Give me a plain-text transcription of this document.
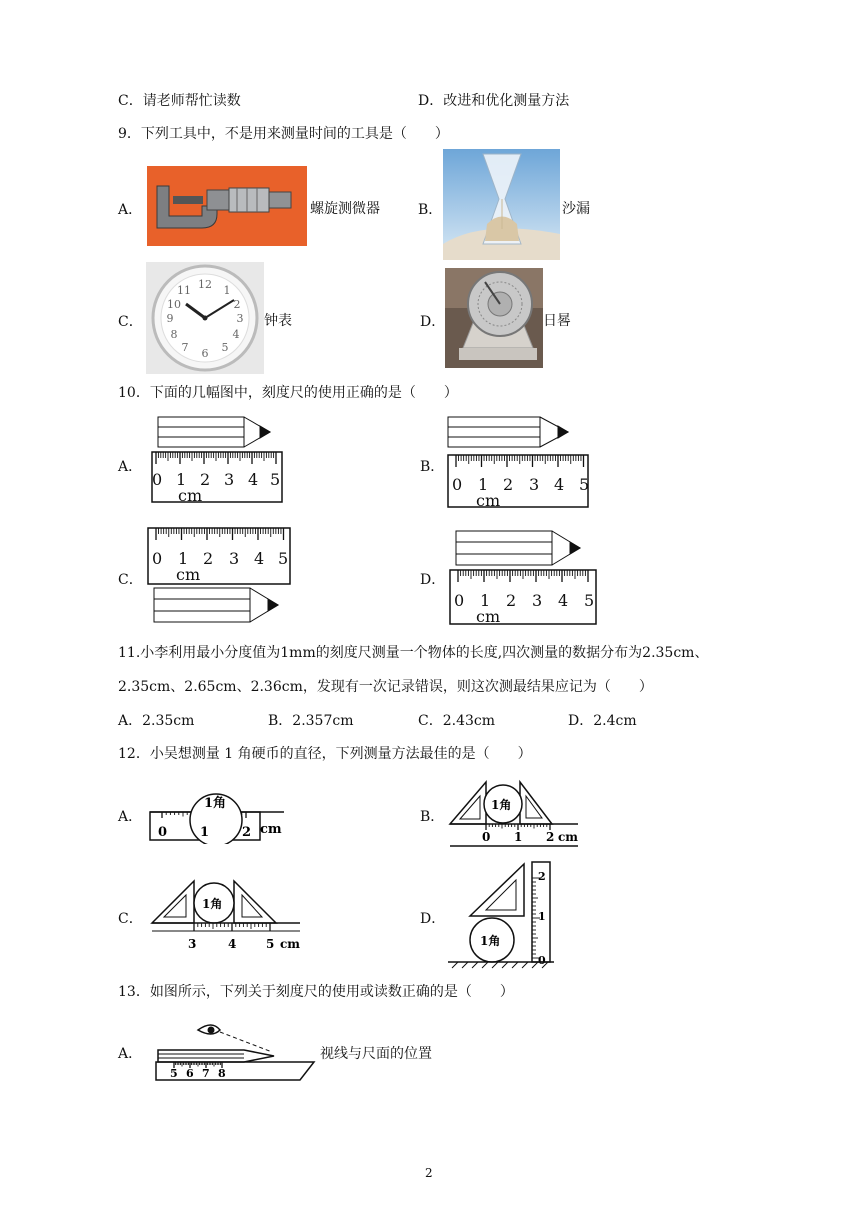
C．请老师帮忙读数	D．改进和优化测量方法
9．下列工具中，不是用来测量时间的工具是（　　）
A．	螺旋测微器	B．	沙漏
C．
12 1
2
3
4
5
6
7
8
9
10
11
钟表	D．	日晷
10．下面的几幅图中，刻度尺的使用正确的是（　　）
A．
0 1 2 3 4 5
cm
B．
0 1 2 3 4 5
cm
C．
0 1 2 3 4 5
cm	D．
0 1 2 3 4 5
cm
11.小李利用最小分度值为1mm的刻度尺测量一个物体的长度,四次测量的数据分布为2.35cm、
2.35cm、2.65cm、2.36cm，发现有一次记录错误，则这次测最结果应记为（　　）
A．2.35cm	B．2.357cm	C．2.43cm	D．2.4cm
12．小吴想测量 1 角硬币的直径，下列测量方法最佳的是（　　）
A．
1角
0	1	2 cm
B．
1角
0 1 2 cm
C．
1角
3	4 5 cm
D．
0
1
2
1角
13．如图所示，下列关于刻度尺的使用或读数正确的是（　　）
A．
5 6 7 8
视线与尺面的位置
2
